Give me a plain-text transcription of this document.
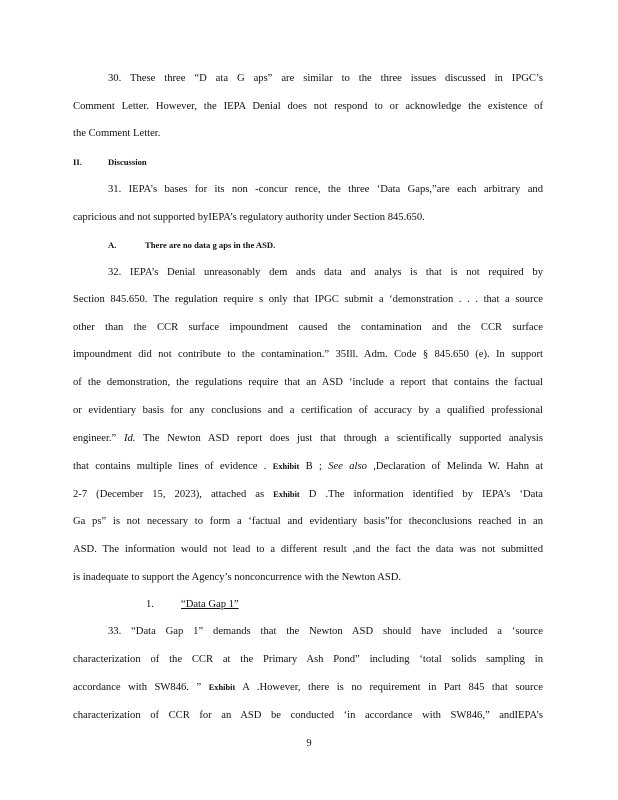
30. These three “D ata G aps” are similar to the three issues discussed in IPGC’s
Comment Letter. However, the IEPA Denial does not respond to or acknowledge the existence of
the Comment Letter.
II.	Discussion
31. IEPA’s bases for its non -concur rence, the three ‘Data Gaps,”are each arbitrary and
capricious and not supported byIEPA’s regulatory authority under Section 845.650.
A.	There are no data g aps in the ASD.
32. IEPA’s Denial unreasonably dem ands data and analys is that is not required by
Section 845.650. The regulation require s only that IPGC submit a ‘demonstration . . . that a source
other than the CCR surface impoundment caused the contamination and the CCR surface
impoundment did not contribute to the contamination.” 35Ill. Adm. Code § 845.650 (e). In support
of the demonstration, the regulations require that an ASD ‘include a report that contains the factual
or evidentiary basis for any conclusions and a certification of accuracy by a qualified professional
engineer.” Id. The Newton ASD report does just that through a scientifically supported analysis
that contains multiple lines of evidence . Exhibit B ; See also ,Declaration of Melinda W. Hahn at
2-7 (December 15, 2023), attached as Exhibit D .The information identified by IEPA’s ‘Data
Ga ps” is not necessary to form a ‘factual and evidentiary basis”for theconclusions reached in an
ASD. The information would not lead to a different result ,and the fact the data was not submitted
is inadequate to support the Agency’s nonconcurrence with the Newton ASD.
1.	“Data Gap 1”
33. “Data Gap 1” demands that the Newton ASD should have included a ‘source
characterization of the CCR at the Primary Ash Pond” including ‘total solids sampling in
accordance with SW846. ” Exhibit A .However, there is no requirement in Part 845 that source
characterization of CCR for an ASD be conducted ‘in accordance with SW846,” andIEPA’s
9
